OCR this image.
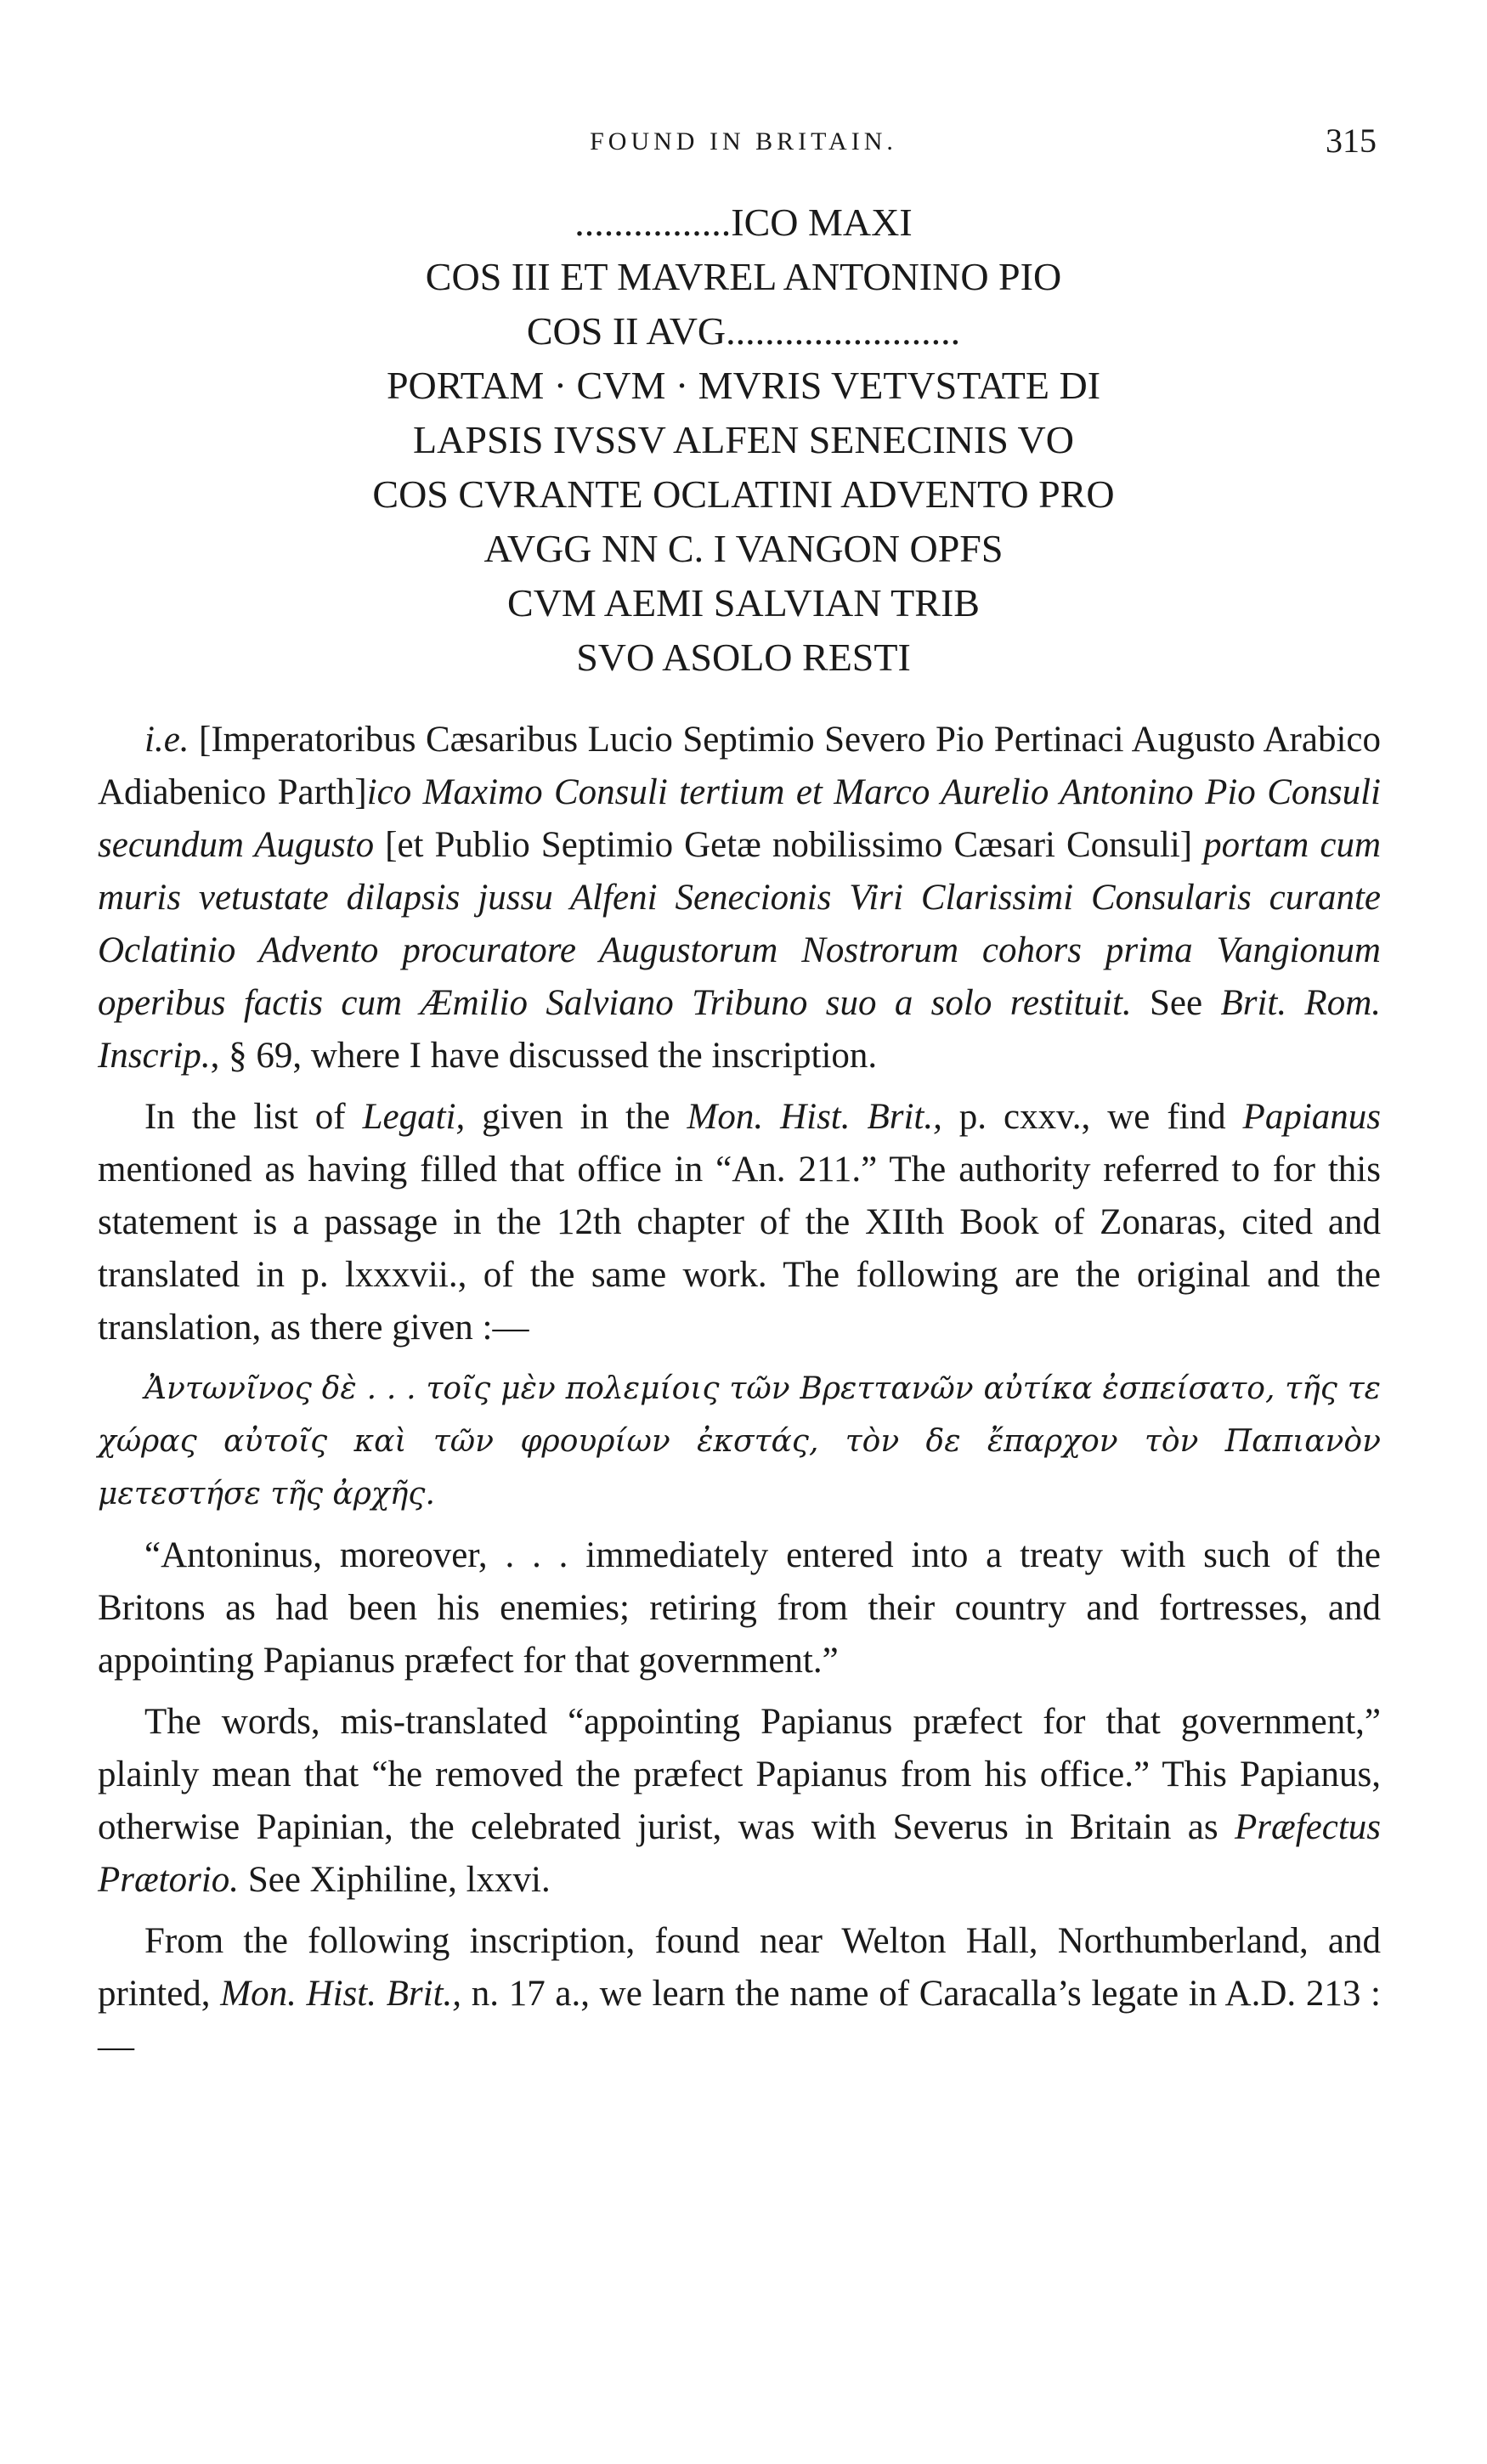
FOUND IN BRITAIN.	315
................ICO MAXI
COS III ET MAVREL ANTONINO PIO
COS II AVG........................
PORTAM · CVM · MVRIS VETVSTATE DI
LAPSIS IVSSV ALFEN SENECINIS VO
COS CVRANTE OCLATINI ADVENTO PRO
AVGG NN C. I VANGON OPFS
CVM AEMI SALVIAN TRIB
SVO ASOLO RESTI

i.e. [Imperatoribus Cæsaribus Lucio Septimio Severo Pio Pertinaci Augusto Arabico Adiabenico Parth]ico Maximo Consuli tertium et Marco Aurelio Antonino Pio Consuli secundum Augusto [et Publio Septimio Getæ nobilissimo Cæsari Consuli] portam cum muris vetustate dilapsis jussu Alfeni Senecionis Viri Clarissimi Consularis curante Oclatinio Advento procuratore Augustorum Nostrorum cohors prima Vangionum operibus factis cum Æmilio Salviano Tribuno suo a solo restituit. See Brit. Rom. Inscrip., § 69, where I have discussed the inscription.

In the list of Legati, given in the Mon. Hist. Brit., p. cxxv., we find Papianus mentioned as having filled that office in “An. 211.” The authority referred to for this statement is a passage in the 12th chapter of the XIIth Book of Zonaras, cited and translated in p. lxxxvii., of the same work. The following are the original and the translation, as there given :—

Ἀντωνῖνος δὲ . . . τοῖς μὲν πολεμίοις τῶν Βρεττανῶν αὐτίκα ἐσπείσατο, τῆς τε χώρας αὐτοῖς καὶ τῶν φρουρίων ἐκστάς, τὸν δε ἔπαρχον τὸν Παπιανὸν μετεστήσε τῆς ἀρχῆς.

“Antoninus, moreover, . . . immediately entered into a treaty with such of the Britons as had been his enemies; retiring from their country and fortresses, and appointing Papianus præfect for that government.”

The words, mis-translated “appointing Papianus præfect for that government,” plainly mean that “he removed the præfect Papianus from his office.” This Papianus, otherwise Papinian, the celebrated jurist, was with Severus in Britain as Præfectus Prætorio. See Xiphiline, lxxvi.

From the following inscription, found near Welton Hall, Northumberland, and printed, Mon. Hist. Brit., n. 17 a., we learn the name of Caracalla’s legate in A.D. 213 :—
